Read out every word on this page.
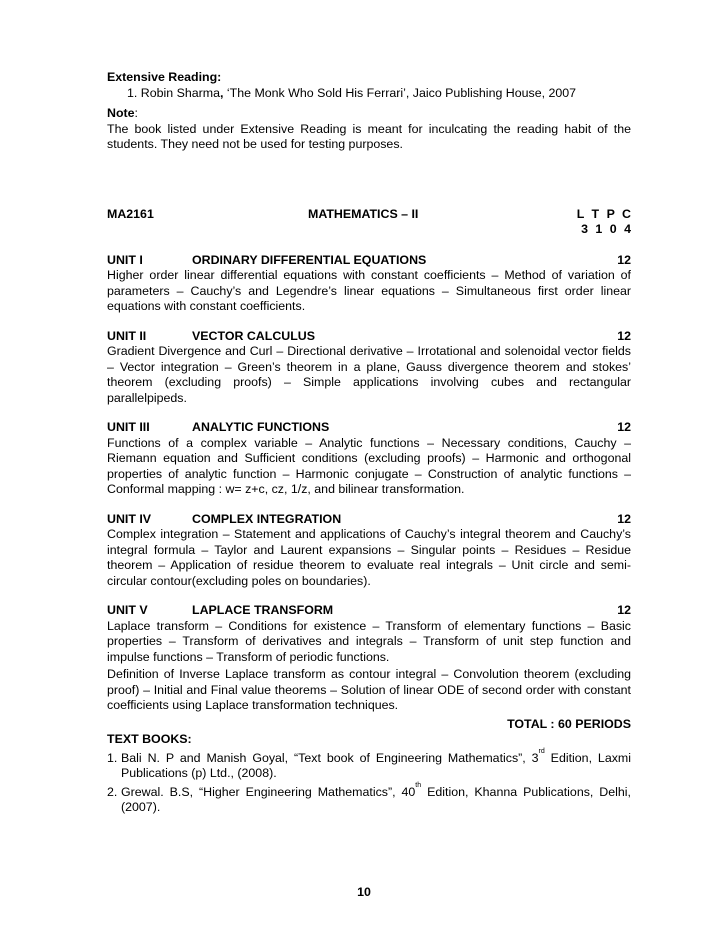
Extensive Reading:
1. Robin Sharma, ‘The Monk Who Sold His Ferrari’, Jaico Publishing House, 2007
Note:
The book listed under Extensive Reading is meant for inculcating the reading habit of the students. They need not be used for testing purposes.
MA2161	MATHEMATICS – II	L T P C
3 1 0 4
UNIT I	ORDINARY DIFFERENTIAL EQUATIONS	12
Higher order linear differential equations with constant coefficients – Method of variation of parameters – Cauchy’s and Legendre’s linear equations – Simultaneous first order linear equations with constant coefficients.
UNIT II	VECTOR CALCULUS	12
Gradient Divergence and Curl – Directional derivative – Irrotational and solenoidal vector fields – Vector integration – Green’s theorem in a plane, Gauss divergence theorem and stokes’ theorem (excluding proofs) – Simple applications involving cubes and rectangular parallelpipeds.
UNIT III	ANALYTIC FUNCTIONS	12
Functions of a complex variable – Analytic functions – Necessary conditions, Cauchy – Riemann equation and Sufficient conditions (excluding proofs) – Harmonic and orthogonal properties of analytic function – Harmonic conjugate – Construction of analytic functions – Conformal mapping : w= z+c, cz, 1/z, and bilinear transformation.
UNIT IV	COMPLEX INTEGRATION	12
Complex integration – Statement and applications of Cauchy’s integral theorem and Cauchy’s integral formula – Taylor and Laurent expansions – Singular points – Residues – Residue theorem – Application of residue theorem to evaluate real integrals – Unit circle and semi-circular contour(excluding poles on boundaries).
UNIT V	LAPLACE TRANSFORM	12
Laplace transform – Conditions for existence – Transform of elementary functions – Basic properties – Transform of derivatives and integrals – Transform of unit step function and impulse functions – Transform of periodic functions.
Definition of Inverse Laplace transform as contour integral – Convolution theorem (excluding proof) – Initial and Final value theorems – Solution of linear ODE of second order with constant coefficients using Laplace transformation techniques.
TOTAL : 60 PERIODS
TEXT BOOKS:
1. Bali N. P and Manish Goyal, “Text book of Engineering Mathematics”, 3rd Edition, Laxmi Publications (p) Ltd., (2008).
2. Grewal. B.S, “Higher Engineering Mathematics”, 40th Edition, Khanna Publications, Delhi, (2007).
10
